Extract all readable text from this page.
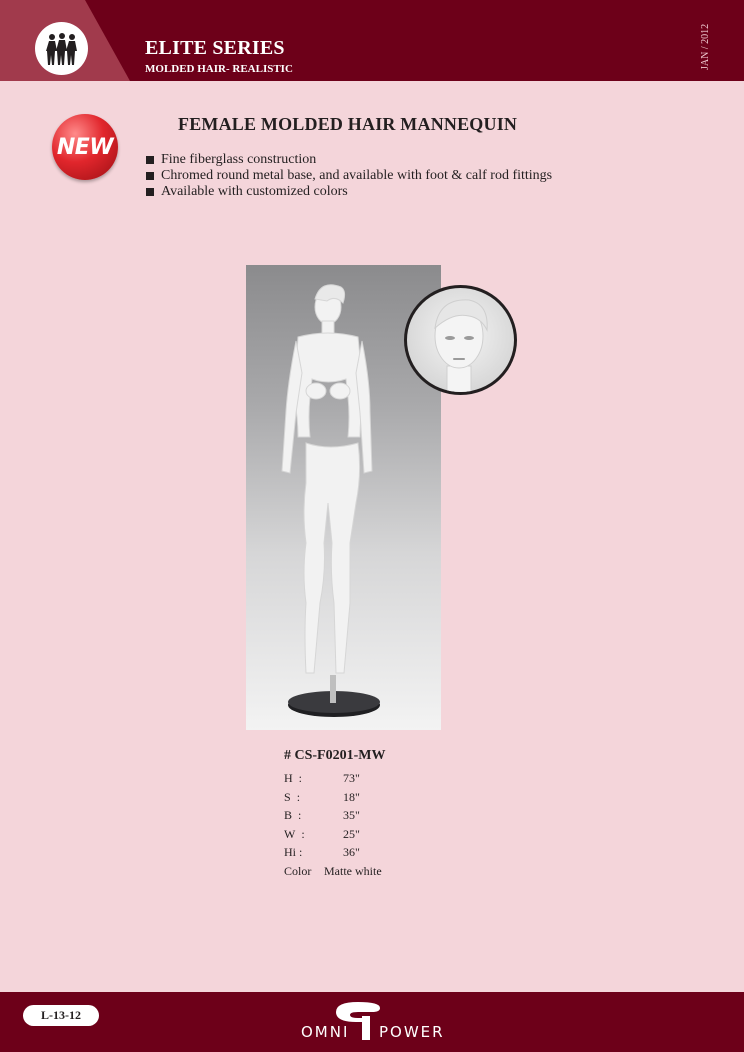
ELITE SERIES
MOLDED HAIR- REALISTIC	JAN / 2012
NEW
FEMALE MOLDED HAIR MANNEQUIN
Fine fiberglass construction
Chromed round metal base, and available with foot & calf rod fittings
Available with customized colors
# CS-F0201-MW
H :	73"
S :	18"
B :	35"
W :	25"
Hi :	36"
Color	Matte white
L-13-12
OMNI POWER
